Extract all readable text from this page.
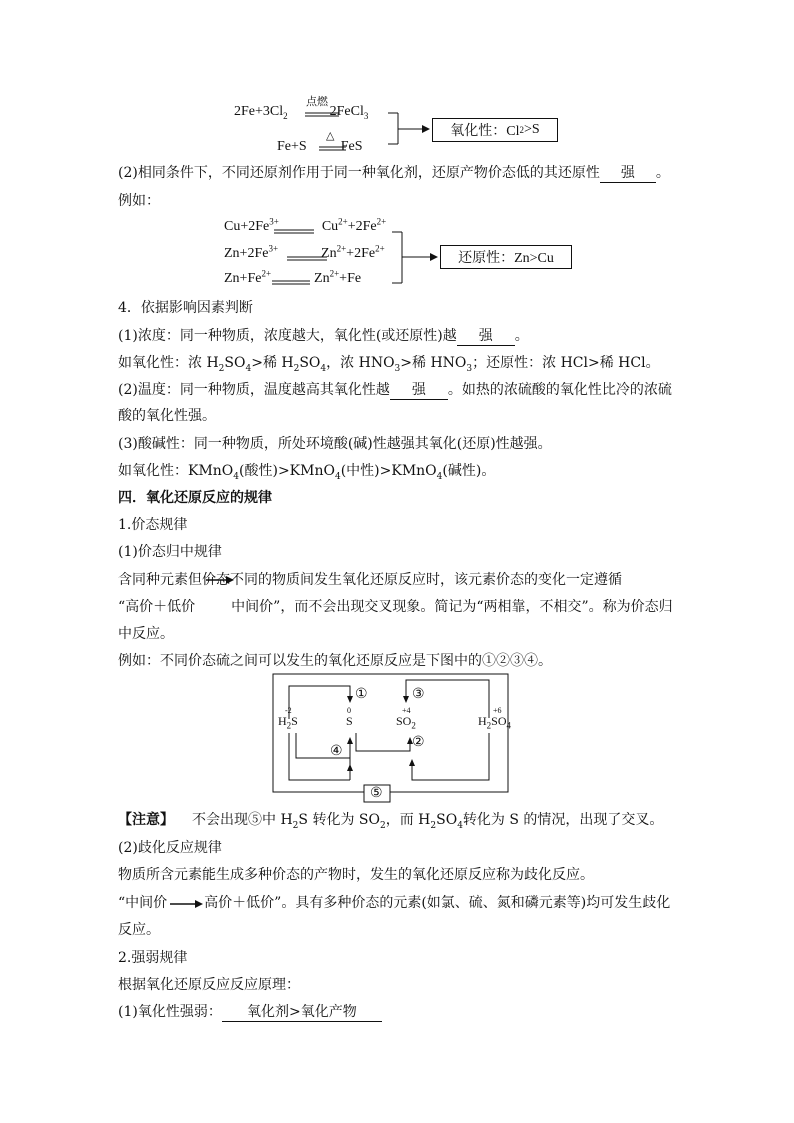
$2Fe+3Cl_2$	2FeCl$_3$
点燃
Fe+S FeS
△	氧化性：Cl 2 >S
(2)相同条件下，不同还原剂作用于同一种氧化剂，还原产物价态低的其还原性 强 。
例如：
$Cu+2Fe^{3+}$	$Cu^{2+}+2Fe^{2+}$
$Zn+2Fe^{3+}$	$Zn^{2+}+2Fe^{2+}$
$Zn+Fe^{2+}$	$Zn^{2+}+Fe$
还原性：Zn>Cu
4．依据影响因素判断
(1)浓度：同一种物质，浓度越大，氧化性(或还原性)越 强 。
如氧化性：浓 $H_2SO_4>$稀 $H_2SO_4$，浓 $HNO_3>$稀 $HNO_3$；还原性：浓 HCl>稀 HCl。
(2)温度：同一种物质，温度越高其氧化性越 强 。如热的浓硫酸的氧化性比冷的浓硫
酸的氧化性强。
(3)酸碱性：同一种物质，所处环境酸(碱)性越强其氧化(还原)性越强。
如氧化性：KMnO$_4$(酸性)>KMnO$_4$(中性)>KMnO$_4$(碱性)。
四．氧化还原反应的规律
1.价态规律
(1)价态归中规律
含同种元素但价态不同的物质间发生氧化还原反应时，该元素价态的变化一定遵循
“高价＋低价	中间价”，而不会出现交叉现象。简记为“两相靠，不相交”。称为价态归
中反应。
例如：不同价态硫之间可以发生的氧化还原反应是下图中的①②③④。
-2
$H_2S$
0
S
+4
$SO_2$
+6
$H_2SO_4$
①	③
②
④
⑤
【注意】 不会出现⑤中 $H_2S$ 转化为 $SO_2$，而 $H_2SO_4$转化为 S 的情况，出现了交叉。
(2)歧化反应规律
物质所含元素能生成多种价态的产物时，发生的氧化还原反应称为歧化反应。
“中间价	高价＋低价”。具有多种价态的元素(如氯、硫、氮和磷元素等)均可发生歧化
反应。
2.强弱规律
根据氧化还原反应反应原理：
(1)氧化性强弱： 氧化剂>氧化产物
